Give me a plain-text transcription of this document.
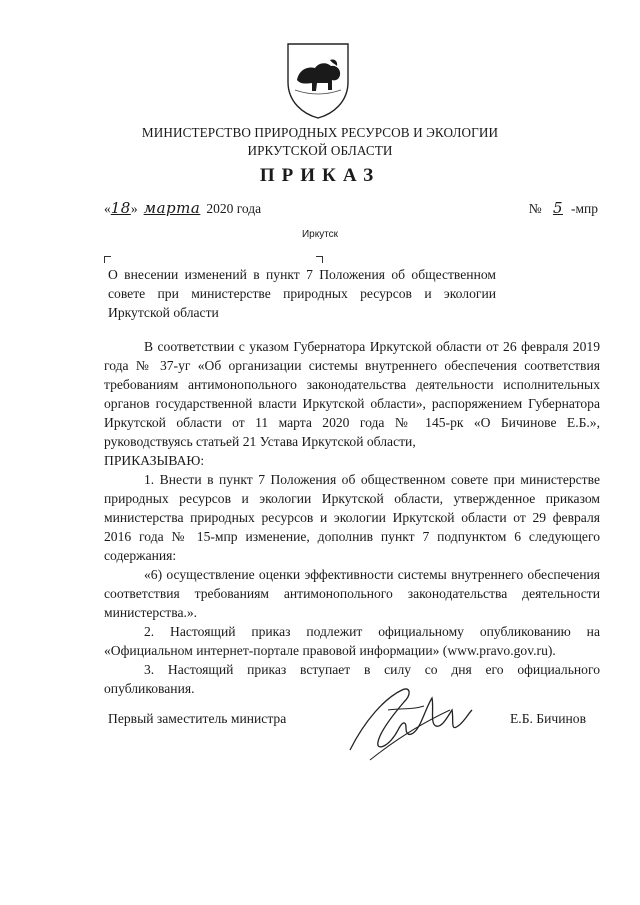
МИНИСТЕРСТВО ПРИРОДНЫХ РЕСУРСОВ И ЭКОЛОГИИ
ИРКУТСКОЙ ОБЛАСТИ
ПРИКАЗ
«18» марта 2020 года	№ 5 -мпр
Иркутск
О внесении изменений в пункт 7 Положения об общественном совете при министерстве природных ресурсов и экологии Иркутской области

В соответствии с указом Губернатора Иркутской области от 26 февраля 2019 года № 37-уг «Об организации системы внутреннего обеспечения соответствия требованиям антимонопольного законодательства деятельности исполнительных органов государственной власти Иркутской области», распоряжением Губернатора Иркутской области от 11 марта 2020 года № 145-рк «О Бичинове Е.Б.», руководствуясь статьей 21 Устава Иркутской области,

ПРИКАЗЫВАЮ:

1. Внести в пункт 7 Положения об общественном совете при министерстве природных ресурсов и экологии Иркутской области, утвержденное приказом министерства природных ресурсов и экологии Иркутской области от 29 февраля 2016 года № 15-мпр изменение, дополнив пункт 7 подпунктом 6 следующего содержания:

«6) осуществление оценки эффективности системы внутреннего обеспечения соответствия требованиям антимонопольного законодательства деятельности министерства.».

2. Настоящий приказ подлежит официальному опубликованию на «Официальном интернет-портале правовой информации» (www.pravo.gov.ru).

3. Настоящий приказ вступает в силу со дня его официального опубликования.

Первый заместитель министра	Е.Б. Бичинов
